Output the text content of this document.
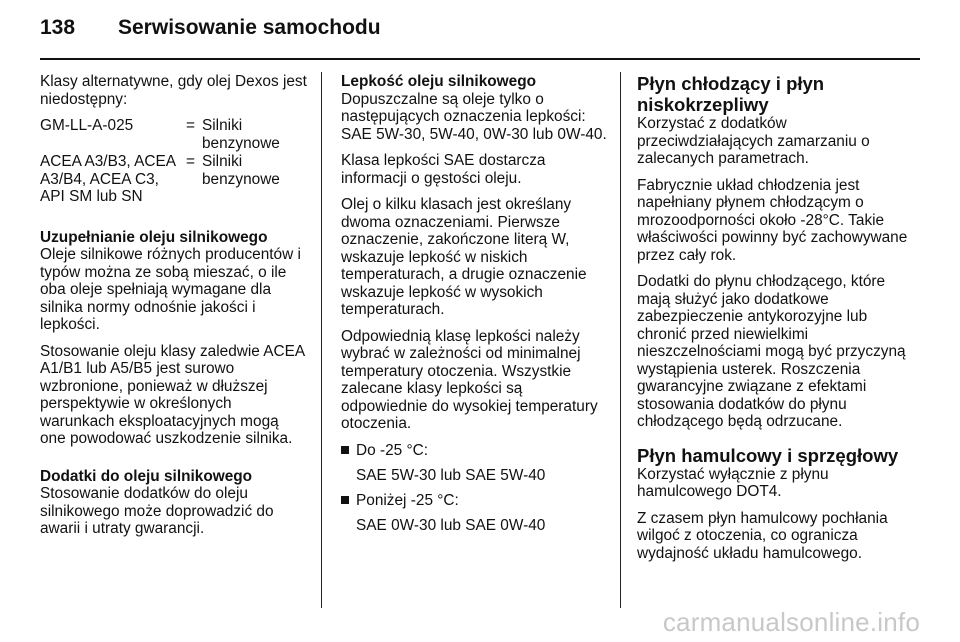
138	Serwisowanie samochodu

Klasy alternatywne, gdy olej Dexos jest niedostępny:

GM-LL-A-025	= Silniki benzynowe
ACEA A3/B3, ACEA A3/B4, ACEA C3, API SM lub SN
= Silniki benzynowe
Uzupełnianie oleju silnikowego

Oleje silnikowe różnych producentów i typów można ze sobą mieszać, o ile oba oleje spełniają wymagane dla silnika normy odnośnie jakości i lepkości.

Stosowanie oleju klasy zaledwie ACEA A1/B1 lub A5/B5 jest surowo wzbronione, ponieważ w dłuższej perspektywie w określonych warunkach eksploatacyjnych mogą one powodować uszkodzenie silnika.

Dodatki do oleju silnikowego

Stosowanie dodatków do oleju silnikowego może doprowadzić do awarii i utraty gwarancji.

Lepkość oleju silnikowego

Dopuszczalne są oleje tylko o następujących oznaczenia lepkości: SAE 5W-30, 5W-40, 0W-30 lub 0W-40.

Klasa lepkości SAE dostarcza informacji o gęstości oleju.

Olej o kilku klasach jest określany dwoma oznaczeniami. Pierwsze oznaczenie, zakończone literą W, wskazuje lepkość w niskich temperaturach, a drugie oznaczenie wskazuje lepkość w wysokich temperaturach.

Odpowiednią klasę lepkości należy wybrać w zależności od minimalnej temperatury otoczenia. Wszystkie zalecane klasy lepkości są odpowiednie do wysokiej temperatury otoczenia.

Do -25 °C:
SAE 5W-30 lub SAE 5W-40
Poniżej -25 °C:
SAE 0W-30 lub SAE 0W-40
Płyn chłodzący i płyn niskokrzepliwy

Korzystać z dodatków przeciwdziałających zamarzaniu o zalecanych parametrach.

Fabrycznie układ chłodzenia jest napełniany płynem chłodzącym o mrozoodporności około -28°C. Takie właściwości powinny być zachowywane przez cały rok.

Dodatki do płynu chłodzącego, które mają służyć jako dodatkowe zabezpieczenie antykorozyjne lub chronić przed niewielkimi nieszczelnościami mogą być przyczyną wystąpienia usterek. Roszczenia gwarancyjne związane z efektami stosowania dodatków do płynu chłodzącego będą odrzucane.

Płyn hamulcowy i sprzęgłowy

Korzystać wyłącznie z płynu hamulcowego DOT4.

Z czasem płyn hamulcowy pochłania wilgoć z otoczenia, co ogranicza wydajność układu hamulcowego.

carmanualsonline.info
